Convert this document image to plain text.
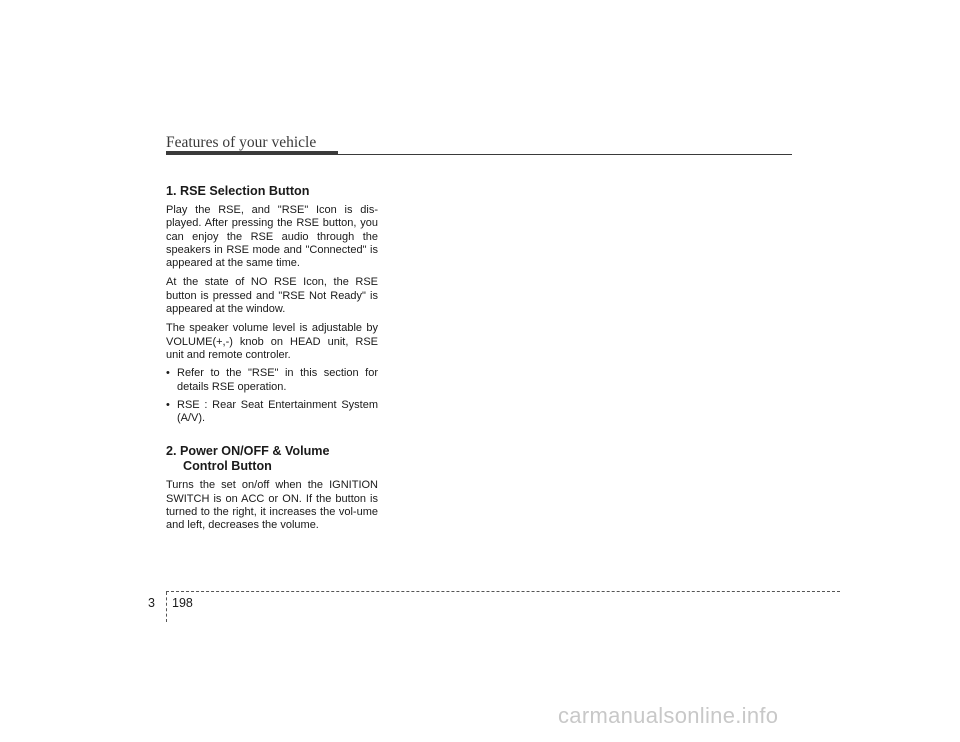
Features of your vehicle
1. RSE Selection Button

Play the RSE, and "RSE" Icon is dis-played. After pressing the RSE button, you can enjoy the RSE audio through the speakers in RSE mode and "Connected" is appeared at the same time.

At the state of NO RSE Icon, the RSE button is pressed and "RSE Not Ready" is appeared at the window.

The speaker volume level is adjustable by VOLUME(+,-) knob on HEAD unit, RSE unit and remote controler.

• Refer to the "RSE" in this section for details RSE operation.

• RSE : Rear Seat Entertainment System (A/V).

2. Power ON/OFF & Volume
Control Button

Turns the set on/off when the IGNITION SWITCH is on ACC or ON. If the button is turned to the right, it increases the vol-ume and left, decreases the volume.

3 198
carmanualsonline.info
